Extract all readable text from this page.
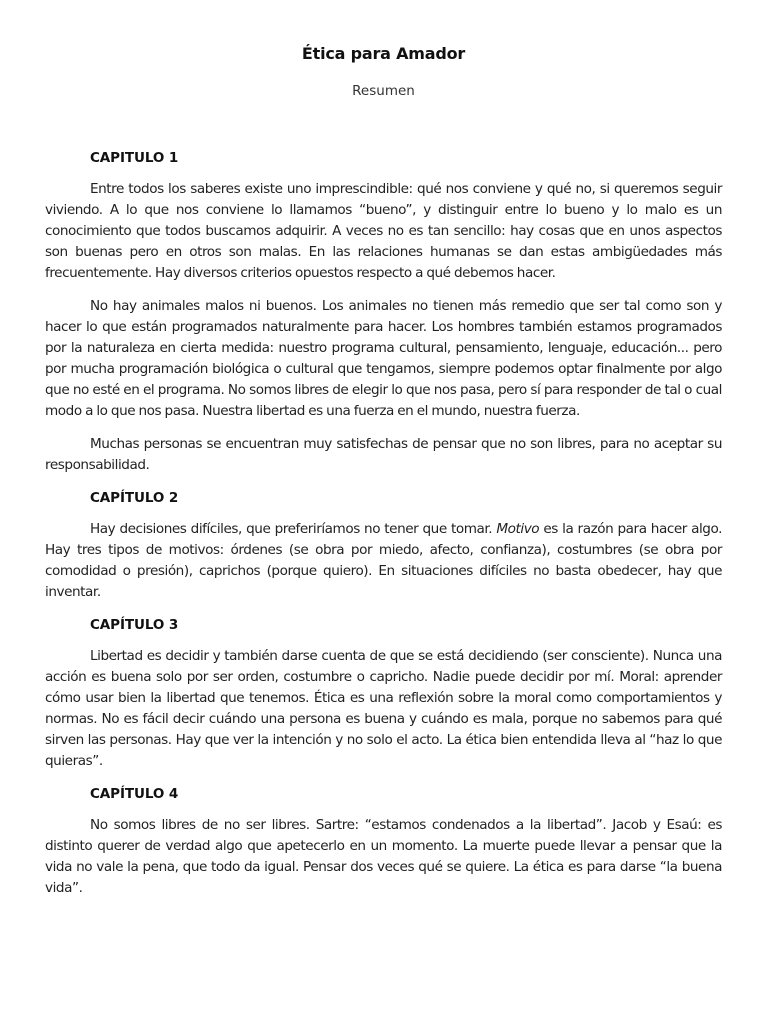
Ética para Amador
Resumen
CAPITULO 1

Entre todos los saberes existe uno imprescindible: qué nos conviene y qué no, si queremos seguir viviendo. A lo que nos conviene lo llamamos “bueno”, y distinguir entre lo bueno y lo malo es un conocimiento que todos buscamos adquirir. A veces no es tan sencillo: hay cosas que en unos aspectos son buenas pero en otros son malas. En las relaciones humanas se dan estas ambigüedades más frecuentemente. Hay diversos criterios opuestos respecto a qué debemos hacer.

No hay animales malos ni buenos. Los animales no tienen más remedio que ser tal como son y hacer lo que están programados naturalmente para hacer. Los hombres también estamos programados por la naturaleza en cierta medida: nuestro programa cultural, pensamiento, lenguaje, educación... pero por mucha programación biológica o cultural que tengamos, siempre podemos optar finalmente por algo que no esté en el programa. No somos libres de elegir lo que nos pasa, pero sí para responder de tal o cual modo a lo que nos pasa. Nuestra libertad es una fuerza en el mundo, nuestra fuerza.

Muchas personas se encuentran muy satisfechas de pensar que no son libres, para no aceptar su responsabilidad.

CAPÍTULO 2

Hay decisiones difíciles, que preferiríamos no tener que tomar. Motivo es la razón para hacer algo. Hay tres tipos de motivos: órdenes (se obra por miedo, afecto, confianza), costumbres (se obra por comodidad o presión), caprichos (porque quiero). En situaciones difíciles no basta obedecer, hay que inventar.

CAPÍTULO 3

Libertad es decidir y también darse cuenta de que se está decidiendo (ser consciente). Nunca una acción es buena solo por ser orden, costumbre o capricho. Nadie puede decidir por mí. Moral: aprender cómo usar bien la libertad que tenemos. Ética es una reflexión sobre la moral como comportamientos y normas. No es fácil decir cuándo una persona es buena y cuándo es mala, porque no sabemos para qué sirven las personas. Hay que ver la intención y no solo el acto. La ética bien entendida lleva al “haz lo que quieras”.

CAPÍTULO 4

No somos libres de no ser libres. Sartre: “estamos condenados a la libertad”. Jacob y Esaú: es distinto querer de verdad algo que apetecerlo en un momento. La muerte puede llevar a pensar que la vida no vale la pena, que todo da igual. Pensar dos veces qué se quiere. La ética es para darse “la buena vida”.
